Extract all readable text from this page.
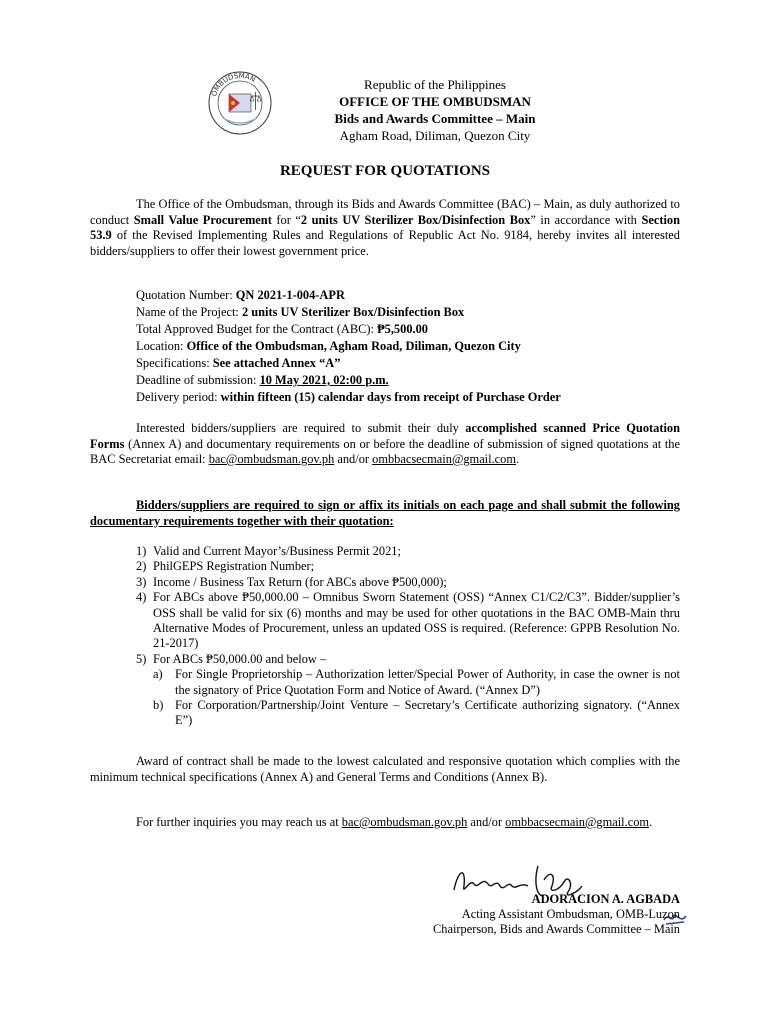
OMBUDSMAN	Republic of the Philippines
OFFICE OF THE OMBUDSMAN
Bids and Awards Committee – Main
Agham Road, Diliman, Quezon City
REQUEST FOR QUOTATIONS

The Office of the Ombudsman, through its Bids and Awards Committee (BAC) – Main, as duly authorized to conduct Small Value Procurement for “2 units UV Sterilizer Box/Disinfection Box” in accordance with Section 53.9 of the Revised Implementing Rules and Regulations of Republic Act No. 9184, hereby invites all interested bidders/suppliers to offer their lowest government price.

Quotation Number: QN 2021-1-004-APR
Name of the Project: 2 units UV Sterilizer Box/Disinfection Box
Total Approved Budget for the Contract (ABC): ₱5,500.00
Location: Office of the Ombudsman, Agham Road, Diliman, Quezon City
Specifications: See attached Annex “A”
Deadline of submission: 10 May 2021, 02:00 p.m.
Delivery period: within fifteen (15) calendar days from receipt of Purchase Order

Interested bidders/suppliers are required to submit their duly accomplished scanned Price Quotation Forms (Annex A) and documentary requirements on or before the deadline of submission of signed quotations at the BAC Secretariat email: bac@ombudsman.gov.ph and/or ombbacsecmain@gmail.com.

Bidders/suppliers are required to sign or affix its initials on each page and shall submit the following documentary requirements together with their quotation:

1) Valid and Current Mayor’s/Business Permit 2021;
2) PhilGEPS Registration Number;
3) Income / Business Tax Return (for ABCs above ₱500,000);
4) For ABCs above ₱50,000.00 – Omnibus Sworn Statement (OSS) “Annex C1/C2/C3”. Bidder/supplier’s OSS shall be valid for six (6) months and may be used for other quotations in the BAC OMB-Main thru Alternative Modes of Procurement, unless an updated OSS is required. (Reference: GPPB Resolution No. 21-2017)
5) For ABCs ₱50,000.00 and below –
a) For Single Proprietorship – Authorization letter/Special Power of Authority, in case the owner is not the signatory of Price Quotation Form and Notice of Award. (“Annex D”)
b) For Corporation/Partnership/Joint Venture – Secretary’s Certificate authorizing signatory. (“Annex E”)

Award of contract shall be made to the lowest calculated and responsive quotation which complies with the minimum technical specifications (Annex A) and General Terms and Conditions (Annex B).

For further inquiries you may reach us at bac@ombudsman.gov.ph and/or ombbacsecmain@gmail.com.

ADORACION A. AGBADA
Acting Assistant Ombudsman, OMB-Luzon
Chairperson, Bids and Awards Committee – Main
